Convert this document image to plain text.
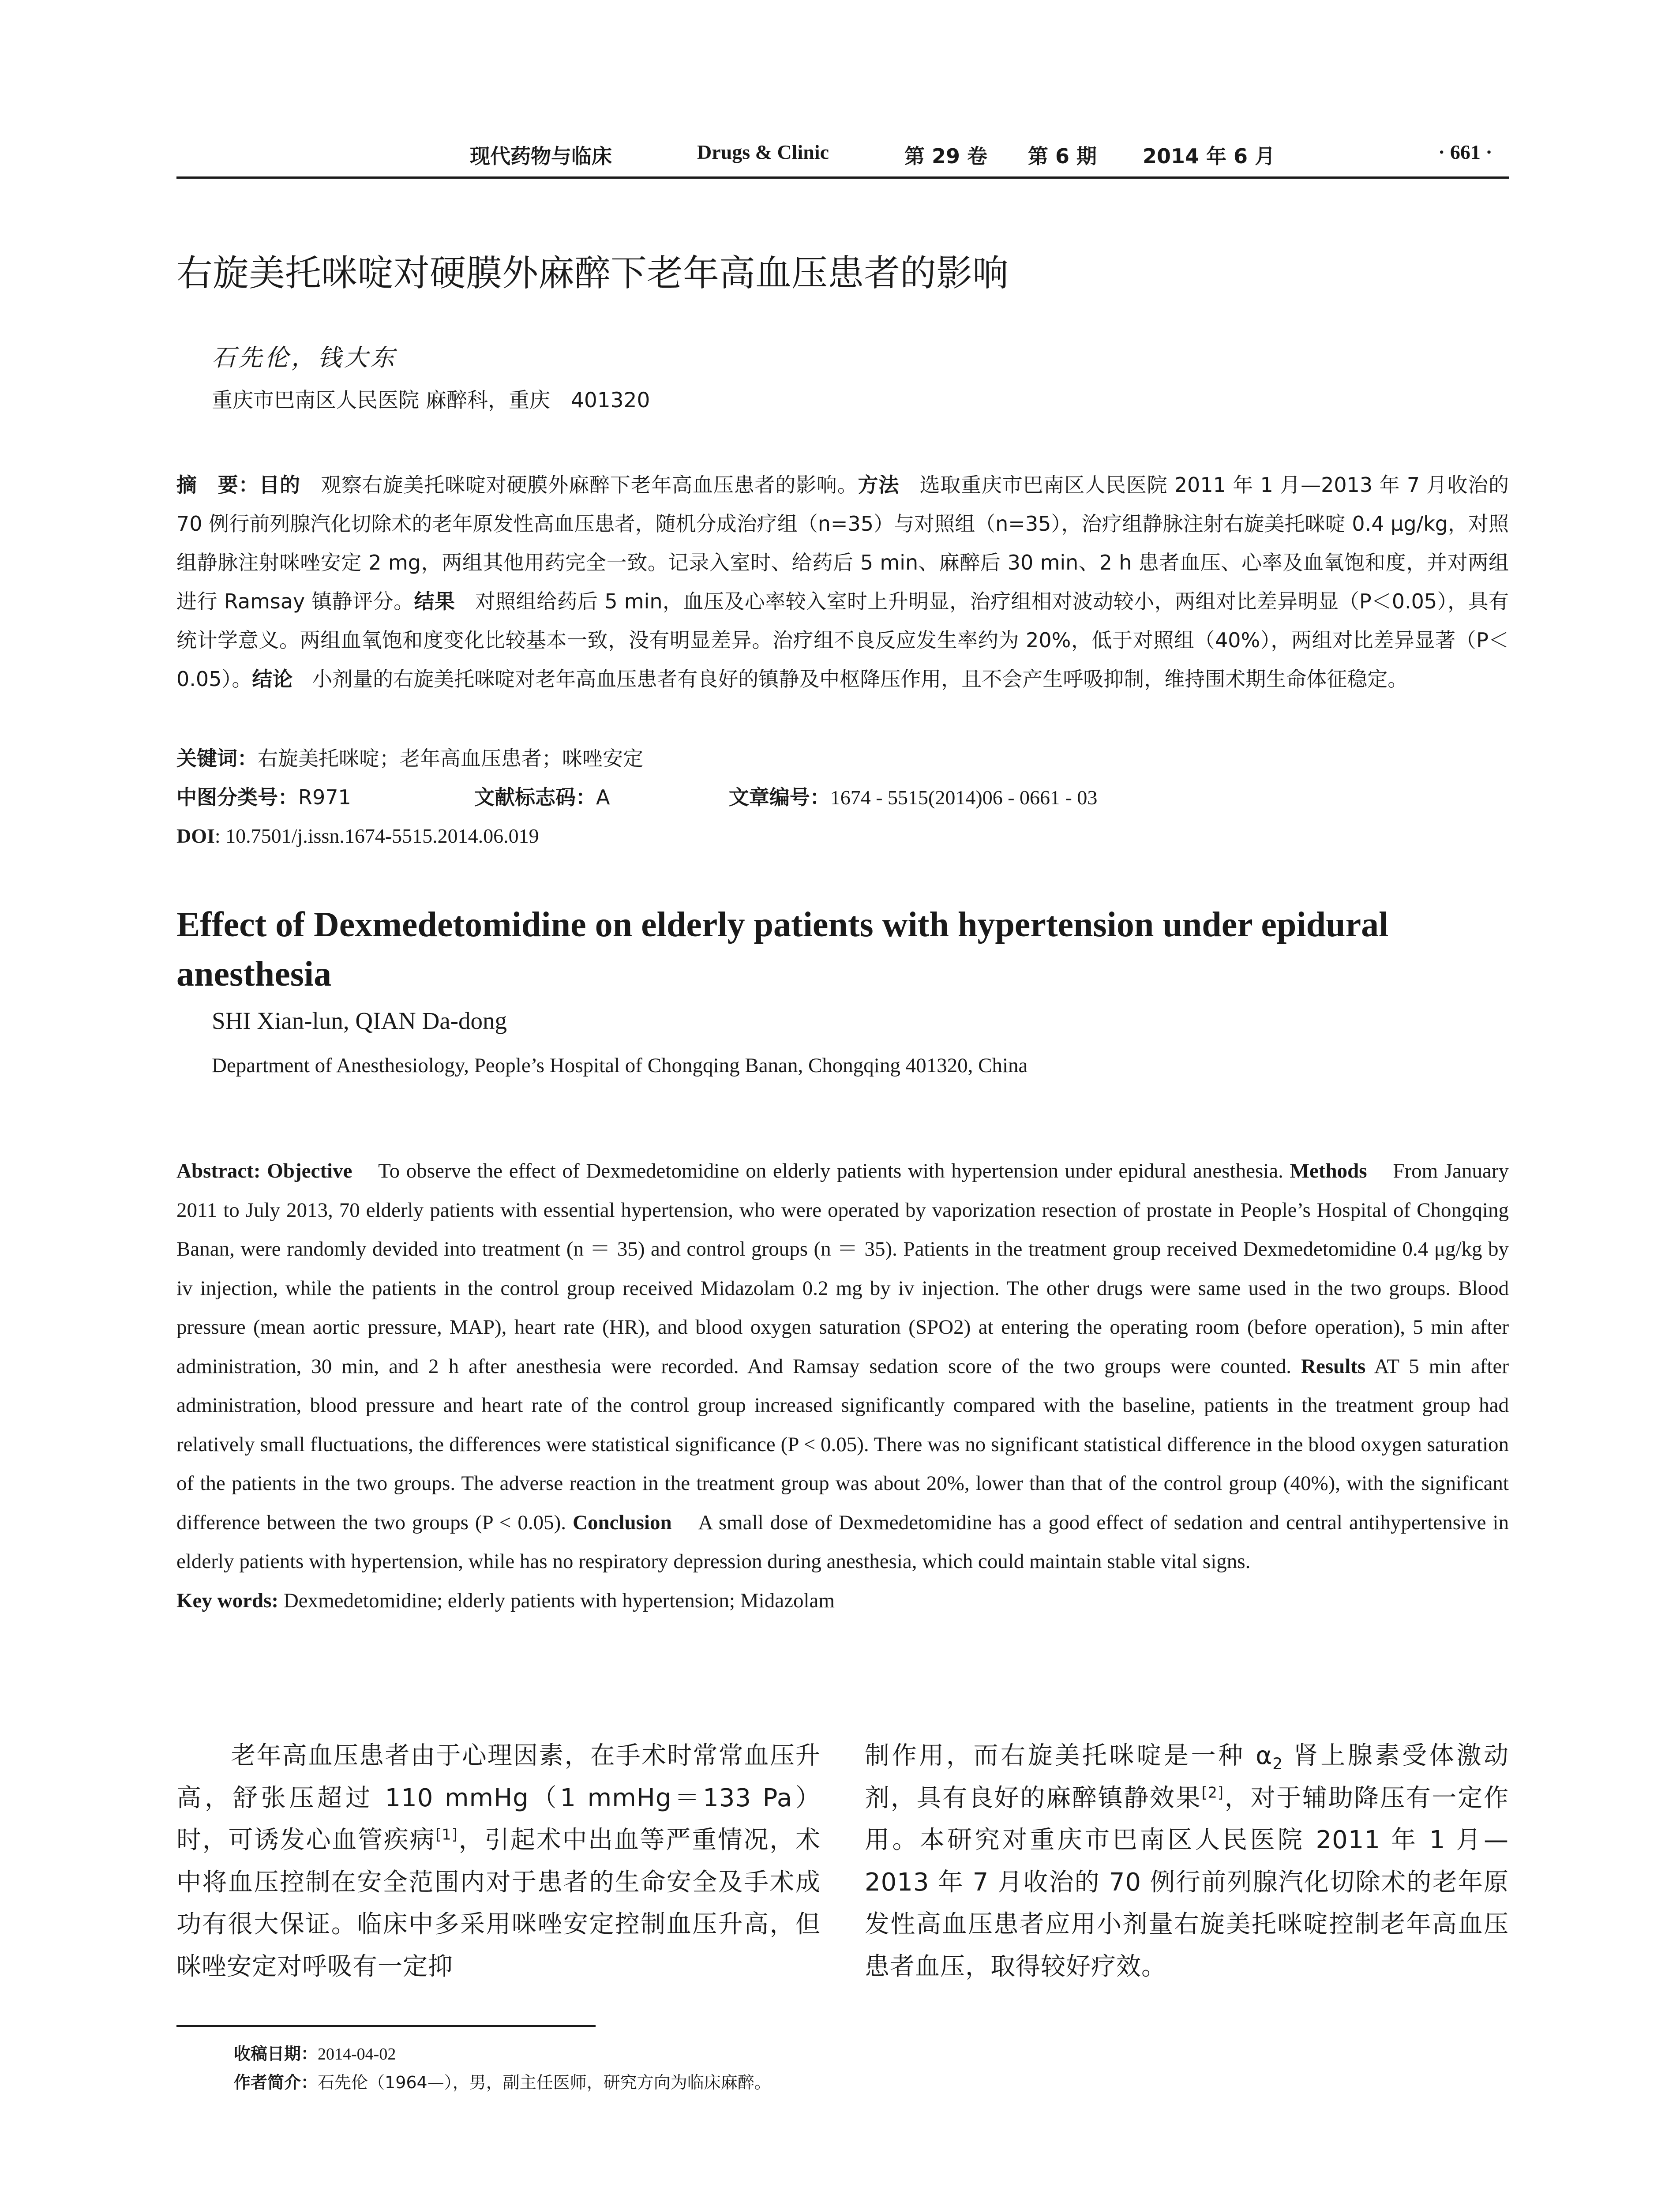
现代药物与临床	Drugs & Clinic	第 29 卷 第 6 期 2014 年 6 月	· 661 ·
右旋美托咪啶对硬膜外麻醉下老年高血压患者的影响
石先伦，钱大东
重庆市巴南区人民医院 麻醉科，重庆　401320
摘　要：目的 观察右旋美托咪啶对硬膜外麻醉下老年高血压患者的影响。方法 选取重庆市巴南区人民医院 2011 年 1 月—2013 年 7 月收治的 70 例行前列腺汽化切除术的老年原发性高血压患者，随机分成治疗组（n=35）与对照组（n=35），治疗组静脉注射右旋美托咪啶 0.4 μg/kg，对照组静脉注射咪唑安定 2 mg，两组其他用药完全一致。记录入室时、给药后 5 min、麻醉后 30 min、2 h 患者血压、心率及血氧饱和度，并对两组进行 Ramsay 镇静评分。结果 对照组给药后 5 min，血压及心率较入室时上升明显，治疗组相对波动较小，两组对比差异明显（P＜0.05），具有统计学意义。两组血氧饱和度变化比较基本一致，没有明显差异。治疗组不良反应发生率约为 20%，低于对照组（40%），两组对比差异显著（P＜0.05）。结论 小剂量的右旋美托咪啶对老年高血压患者有良好的镇静及中枢降压作用，且不会产生呼吸抑制，维持围术期生命体征稳定。
关键词：右旋美托咪啶；老年高血压患者；咪唑安定
中图分类号：R971	文献标志码：A	文章编号：1674 - 5515(2014)06 - 0661 - 03
DOI: 10.7501/j.issn.1674-5515.2014.06.019
Effect of Dexmedetomidine on elderly patients with hypertension under epidural anesthesia
SHI Xian-lun, QIAN Da-dong
Department of Anesthesiology, People’s Hospital of Chongqing Banan, Chongqing 401320, China
Abstract: Objective To observe the effect of Dexmedetomidine on elderly patients with hypertension under epidural anesthesia. Methods From January 2011 to July 2013, 70 elderly patients with essential hypertension, who were operated by vaporization resection of prostate in People’s Hospital of Chongqing Banan, were randomly devided into treatment (n ＝ 35) and control groups (n ＝ 35). Patients in the treatment group received Dexmedetomidine 0.4 μg/kg by iv injection, while the patients in the control group received Midazolam 0.2 mg by iv injection. The other drugs were same used in the two groups. Blood pressure (mean aortic pressure, MAP), heart rate (HR), and blood oxygen saturation (SPO2) at entering the operating room (before operation), 5 min after administration, 30 min, and 2 h after anesthesia were recorded. And Ramsay sedation score of the two groups were counted. Results AT 5 min after administration, blood pressure and heart rate of the control group increased significantly compared with the baseline, patients in the treatment group had relatively small fluctuations, the differences were statistical significance (P < 0.05). There was no significant statistical difference in the blood oxygen saturation of the patients in the two groups. The adverse reaction in the treatment group was about 20%, lower than that of the control group (40%), with the significant difference between the two groups (P < 0.05). Conclusion A small dose of Dexmedetomidine has a good effect of sedation and central antihypertensive in elderly patients with hypertension, while has no respiratory depression during anesthesia, which could maintain stable vital signs.
Key words: Dexmedetomidine; elderly patients with hypertension; Midazolam
老年高血压患者由于心理因素，在手术时常常血压升高，舒张压超过 110 mmHg（1 mmHg＝133 Pa）时，可诱发心血管疾病[1]，引起术中出血等严重情况，术中将血压控制在安全范围内对于患者的生命安全及手术成功有很大保证。临床中多采用咪唑安定控制血压升高，但咪唑安定对呼吸有一定抑
制作用，而右旋美托咪啶是一种 $\alpha_2$ 肾上腺素受体激动剂，具有良好的麻醉镇静效果[2]，对于辅助降压有一定作用。本研究对重庆市巴南区人民医院 2011 年 1 月—2013 年 7 月收治的 70 例行前列腺汽化切除术的老年原发性高血压患者应用小剂量右旋美托咪啶控制老年高血压患者血压，取得较好疗效。
收稿日期：2014-04-02
作者简介：石先伦（1964—），男，副主任医师，研究方向为临床麻醉。
